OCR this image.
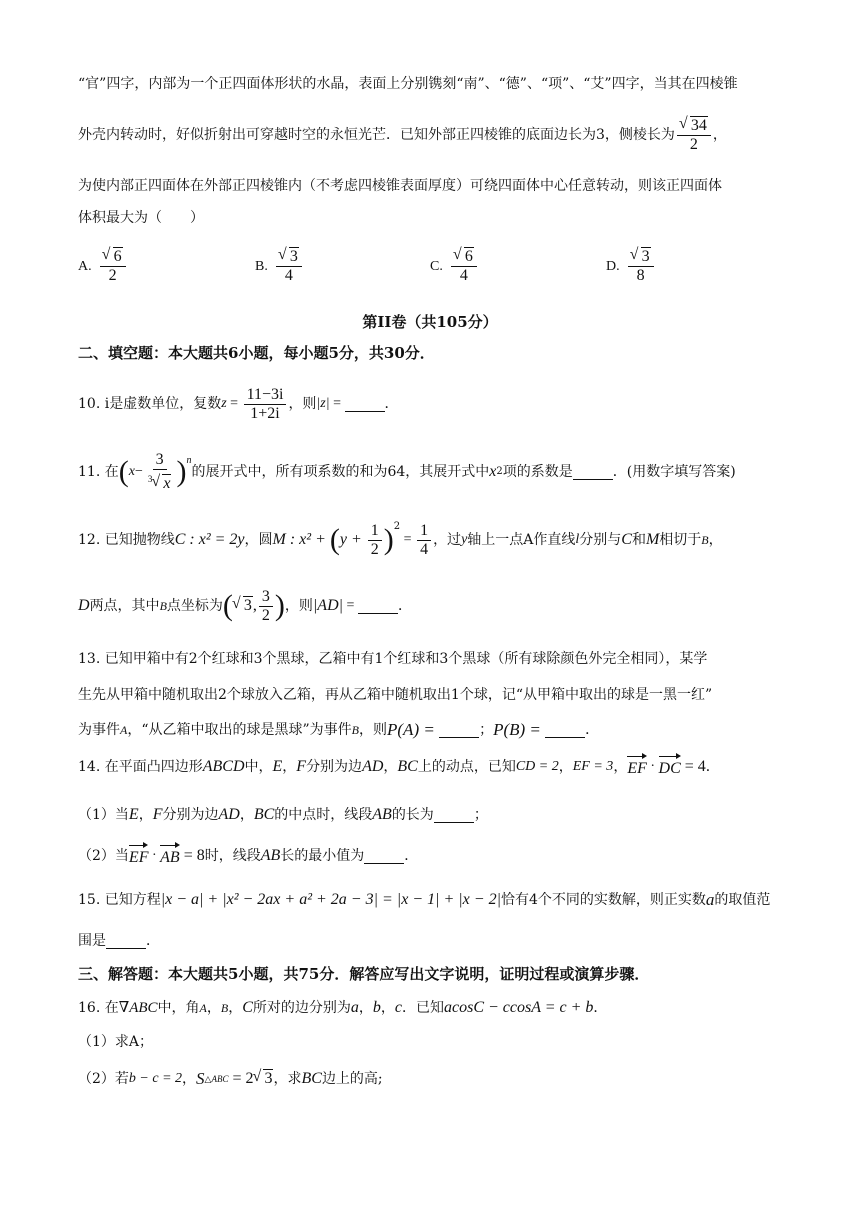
“官”四字，内部为一个正四面体形状的水晶，表面上分别镌刻“南”、“德”、“项”、“艾”四字，当其在四棱锥
外壳内转动时，好似折射出可穿越时空的永恒光芒．已知外部正四棱锥的底面边长为3，侧棱长为 √ $\frac{34}{2}$ ，
为使内部正四面体在外部正四棱锥内（不考虑四棱锥表面厚度）可绕四面体中心任意转动，则该正四面体
体积最大为（　　）
A. √ $\frac{6}{2}$	B. √ $\frac{3}{4}$	C. √ $\frac{6}{4}$	D. √ $\frac{3}{8}$
第II卷（共105分）
二、填空题：本大题共6小题，每小题5分，共30分．
10. i是虚数单位，复数 $z = \frac{11-3i}{1+2i}$ ，则 |z| =	．
11. 在 ( $x - \frac{3}{^3 √ x} )^n$
的展开式中，所有项系数的和为64，其展开式中 x 2 项的系数是	．(用数字填写答案)
12. 已知抛物线 C : x² = 2y ，圆 M : x² + ( $y + \frac{1}{2} )^2$
= $\frac{1}{4}$ ，过 y 轴上一点A作直线 l 分别与 C 和 M 相切于 B ，
D 两点，其中 B 点坐标为 ( √ 3 , $\frac{3}{2}$ ) ，则 |AD| =	．
13. 已知甲箱中有2个红球和3个黑球，乙箱中有1个红球和3个黑球（所有球除颜色外完全相同），某学
生先从甲箱中随机取出2个球放入乙箱，再从乙箱中随机取出1个球，记“从甲箱中取出的球是一黑一红”
为事件 A ，“从乙箱中取出的球是黑球”为事件 B ，则 P(A) =	； P(B) =	．
14. 在平面凸四边形 ABCD 中， E ， F 分别为边 AD ， BC 上的动点，已知 CD = 2 ， EF = 3 ， EF · DC = 4 ．
（1）当 E ， F 分别为边 AD ， BC 的中点时，线段 AB 的长为	；
（2）当 EF · AB = 8 时，线段 AB 长的最小值为	．
15. 已知方程 |x − a| + |x² − 2ax + a² + 2a − 3| = |x − 1| + |x − 2| 恰有4个不同的实数解，则正实数 a 的取值范
围是	．
三、解答题：本大题共5小题，共75分．解答应写出文字说明，证明过程或演算步骤．
16. 在 ∇ABC 中，角 A ， B ， C 所对的边分别为 a ， b ， c ．已知 acosC − ccosA = c + b ．
（1）求A；
（2）若 b − c = 2 ， S △ABC = 2 √ 3 ，求 BC 边上的高;
